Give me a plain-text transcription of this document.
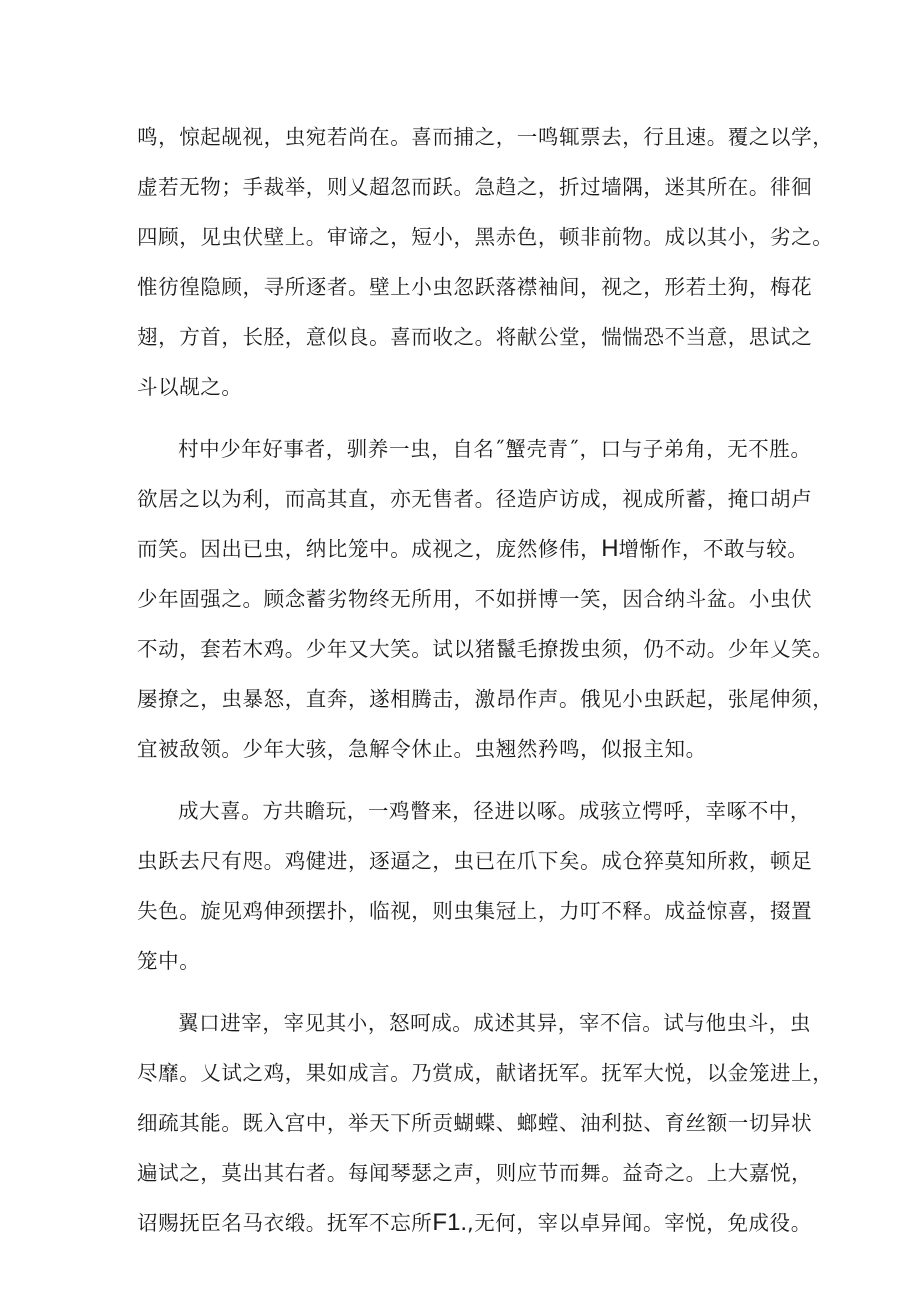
鸣，惊起觇视，虫宛若尚在。喜而捕之，一鸣辄票去，行且速。覆之以学，
虚若无物；手裁举，则乂超忽而跃。急趋之，折过墙隅，迷其所在。徘徊
四顾，见虫伏壁上。审谛之，短小，黑赤色，顿非前物。成以其小，劣之。
惟彷徨隐顾，寻所逐者。壁上小虫忽跃落襟袖间，视之，形若土狗，梅花
翅，方首，长胫，意似良。喜而收之。将献公堂，惴惴恐不当意，思试之
斗以觇之。
村中少年好事者，驯养一虫，自名˝蟹壳青˝，口与子弟角，无不胜。
欲居之以为利，而高其直，亦无售者。径造庐访成，视成所蓄，掩口胡卢
而笑。因出已虫，纳比笼中。成视之，庞然修伟，H增惭作，不敢与较。
少年固强之。顾念蓄劣物终无所用，不如拼博一笑，因合纳斗盆。小虫伏
不动，套若木鸡。少年又大笑。试以猪鬣毛撩拨虫须，仍不动。少年乂笑。
屡撩之，虫暴怒，直奔，遂相腾击，激昂作声。俄见小虫跃起，张尾伸须，
宜被敌领。少年大骇，急解令休止。虫翘然矜鸣，似报主知。
成大喜。方共瞻玩，一鸡瞥来，径进以啄。成骇立愕呼，幸啄不中，
虫跃去尺有咫。鸡健进，逐逼之，虫已在爪下矣。成仓猝莫知所救，顿足
失色。旋见鸡伸颈摆扑，临视，则虫集冠上，力叮不释。成益惊喜，掇置
笼中。
翼口进宰，宰见其小，怒呵成。成述其异，宰不信。试与他虫斗，虫
尽靡。乂试之鸡，果如成言。乃赏成，献诸抚军。抚军大悦，以金笼进上，
细疏其能。既入宫中，举天下所贡蝴蝶、螂螳、油利挞、育丝额一切异状
遍试之，莫出其右者。每闻琴瑟之声，则应节而舞。益奇之。上大嘉悦，
诏赐抚臣名马衣缎。抚军不忘所F1.,无何，宰以卓异闻。宰悦，免成役。
